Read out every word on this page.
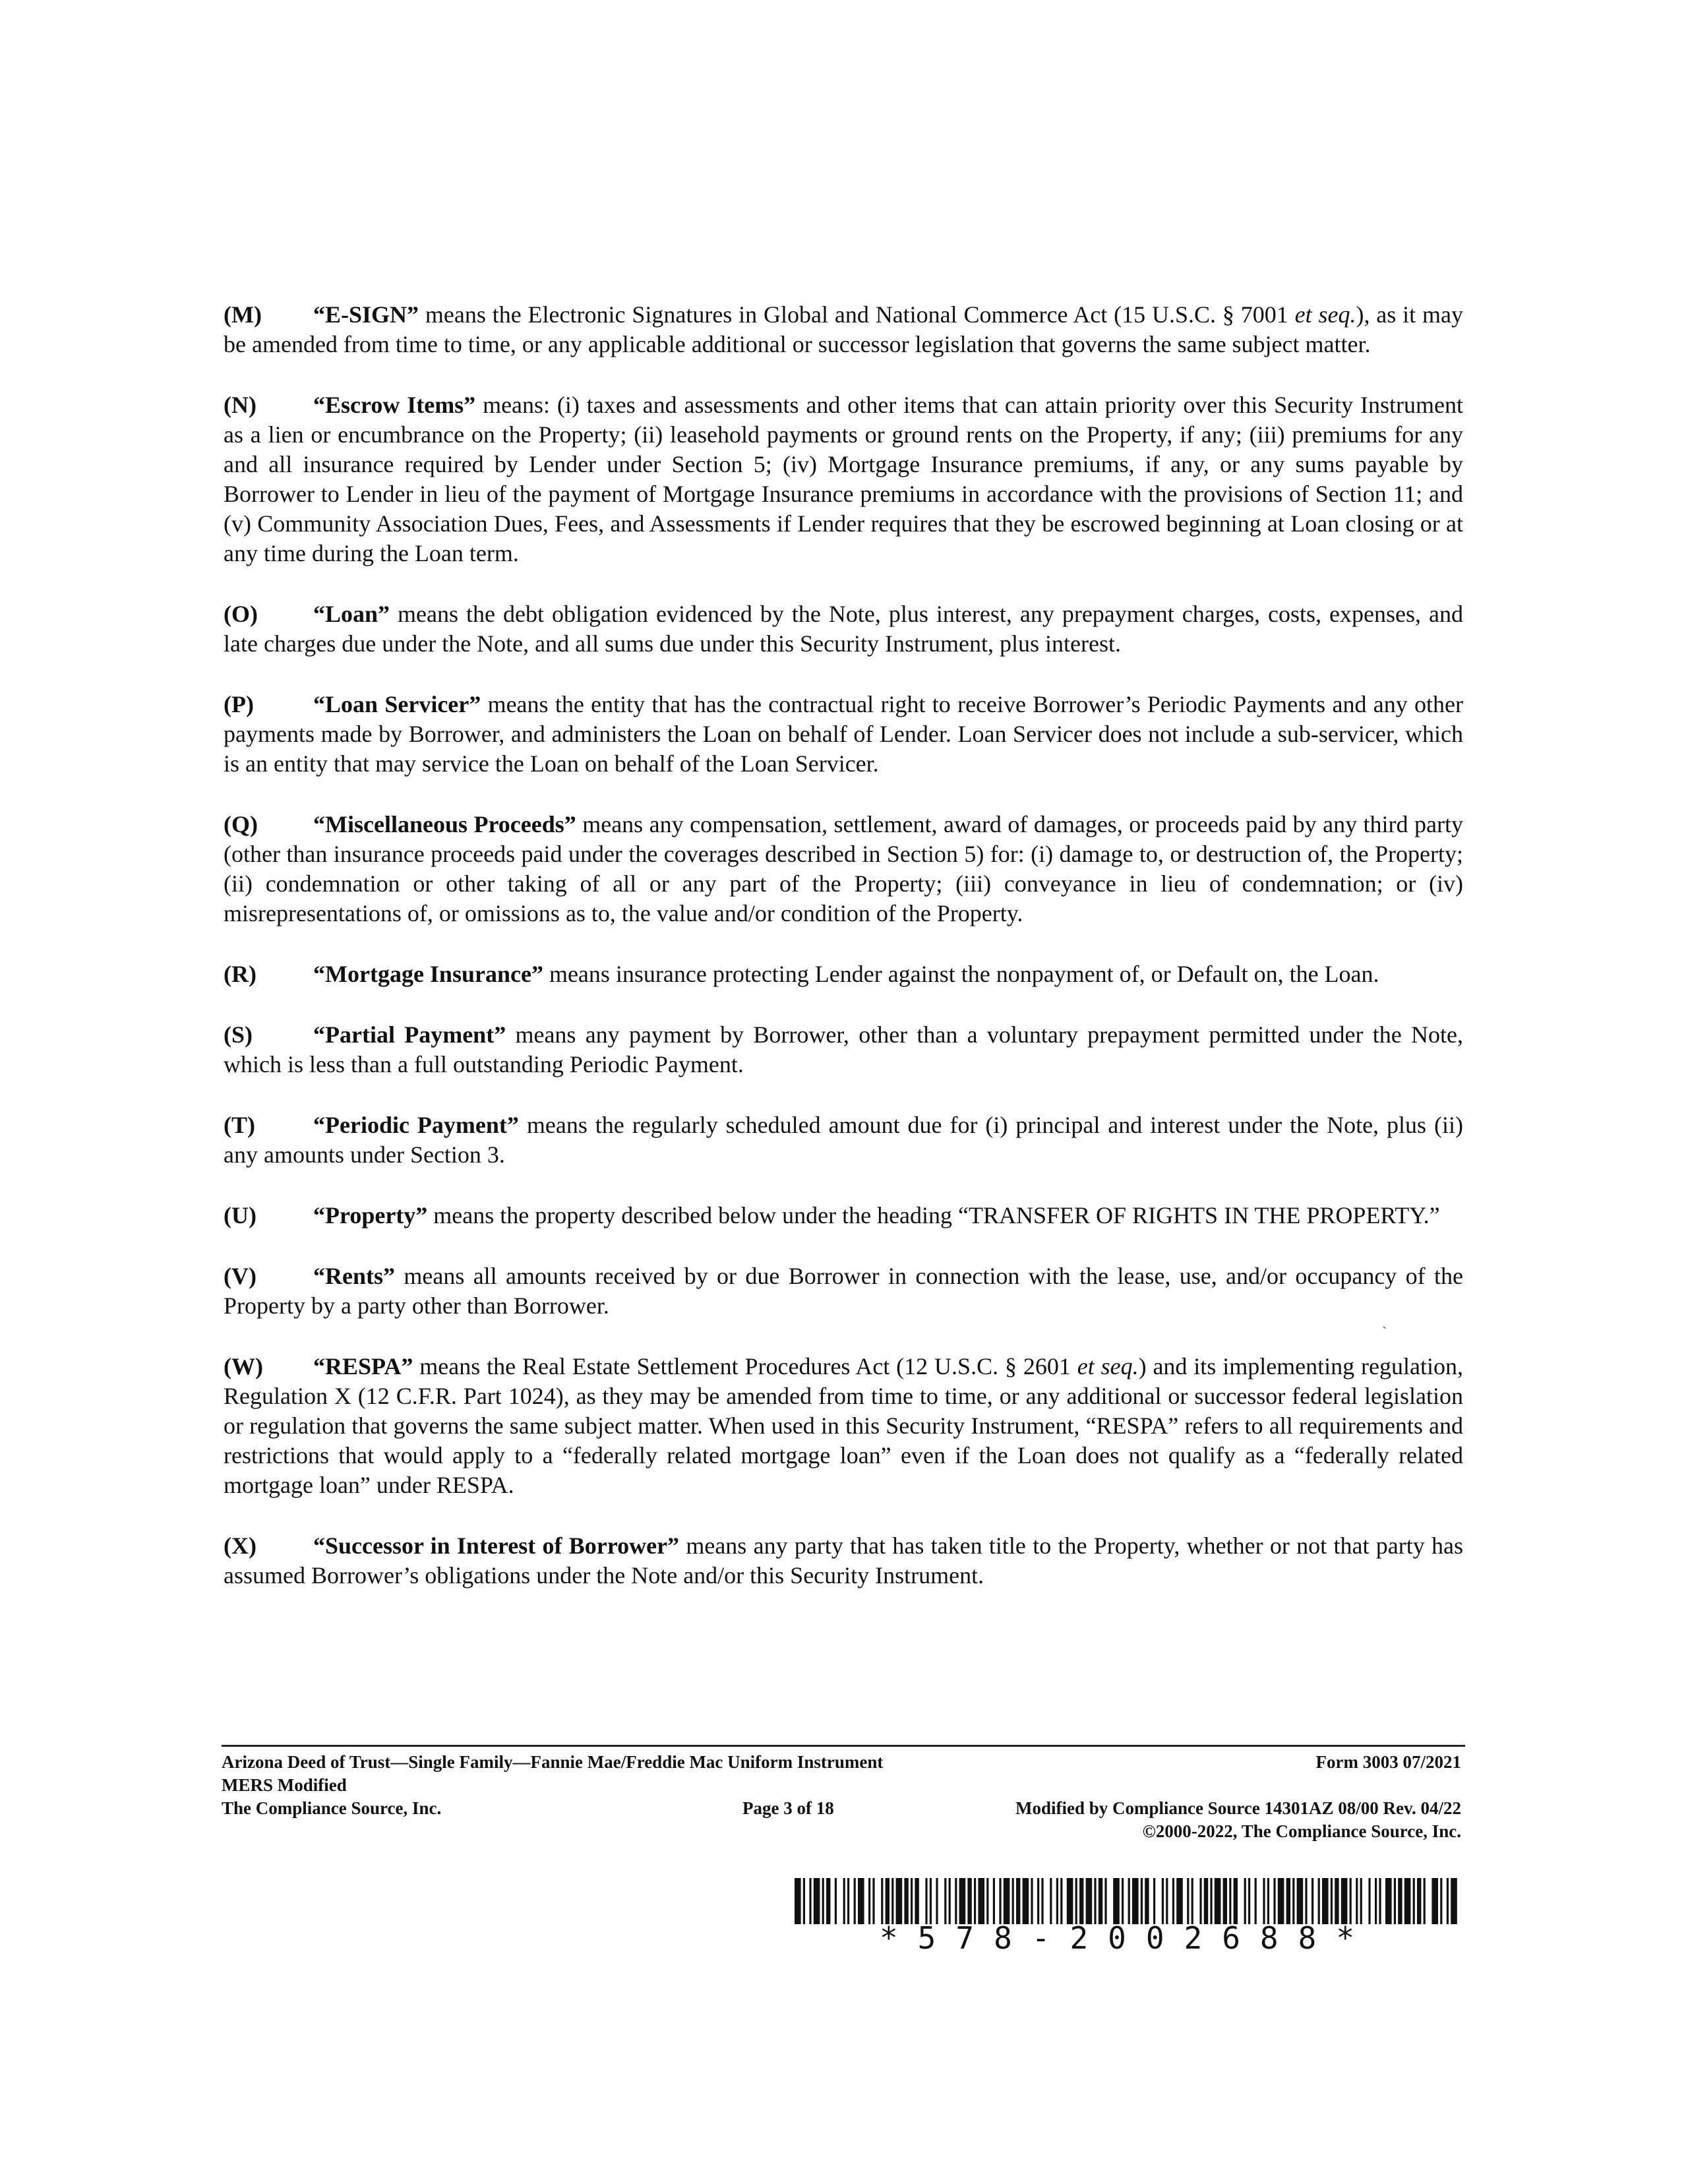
(M) “E-SIGN” means the Electronic Signatures in Global and National Commerce Act (15 U.S.C. § 7001 et seq.), as it may be amended from time to time, or any applicable additional or successor legislation that governs the same subject matter.

(N) “Escrow Items” means: (i) taxes and assessments and other items that can attain priority over this Security Instrument as a lien or encumbrance on the Property; (ii) leasehold payments or ground rents on the Property, if any; (iii) premiums for any and all insurance required by Lender under Section 5; (iv) Mortgage Insurance premiums, if any, or any sums payable by Borrower to Lender in lieu of the payment of Mortgage Insurance premiums in accordance with the provisions of Section 11; and (v) Community Association Dues, Fees, and Assessments if Lender requires that they be escrowed beginning at Loan closing or at any time during the Loan term.

(O) “Loan” means the debt obligation evidenced by the Note, plus interest, any prepayment charges, costs, expenses, and late charges due under the Note, and all sums due under this Security Instrument, plus interest.

(P)	“Loan Servicer” means the entity that has the contractual right to receive Borrower’s Periodic Payments and any other payments made by Borrower, and administers the Loan on behalf of Lender. Loan Servicer does not include a sub-servicer, which is an entity that may service the Loan on behalf of the Loan Servicer.

(Q) “Miscellaneous Proceeds” means any compensation, settlement, award of damages, or proceeds paid by any third party (other than insurance proceeds paid under the coverages described in Section 5) for: (i) damage to, or destruction of, the Property; (ii) condemnation or other taking of all or any part of the Property; (iii) conveyance in lieu of condemnation; or (iv) misrepresentations of, or omissions as to, the value and/or condition of the Property.

(R) “Mortgage Insurance” means insurance protecting Lender against the nonpayment of, or Default on, the Loan.

(S)	“Partial Payment” means any payment by Borrower, other than a voluntary prepayment permitted under the Note, which is less than a full outstanding Periodic Payment.

(T) “Periodic Payment” means the regularly scheduled amount due for (i) principal and interest under the Note, plus (ii) any amounts under Section 3.

(U) “Property” means the property described below under the heading “TRANSFER OF RIGHTS IN THE PROPERTY.”

(V) “Rents” means all amounts received by or due Borrower in connection with the lease, use, and/or occupancy of the Property by a party other than Borrower.

(W) “RESPA” means the Real Estate Settlement Procedures Act (12 U.S.C. § 2601 et seq.) and its implementing regulation, Regulation X (12 C.F.R. Part 1024), as they may be amended from time to time, or any additional or successor federal legislation or regulation that governs the same subject matter. When used in this Security Instrument, “RESPA” refers to all requirements and restrictions that would apply to a “federally related mortgage loan” even if the Loan does not qualify as a “federally related mortgage loan” under RESPA.

(X) “Successor in Interest of Borrower” means any party that has taken title to the Property, whether or not that party has assumed Borrower’s obligations under the Note and/or this Security Instrument.

ˏ
Arizona Deed of Trust—Single Family—Fannie Mae/Freddie Mac Uniform Instrument	Form 3003 07/2021
MERS Modified
The Compliance Source, Inc.	Page 3 of 18	Modified by Compliance Source 14301AZ 08/00 Rev. 04/22
©2000-2022, The Compliance Source, Inc.
*578-2002688*
